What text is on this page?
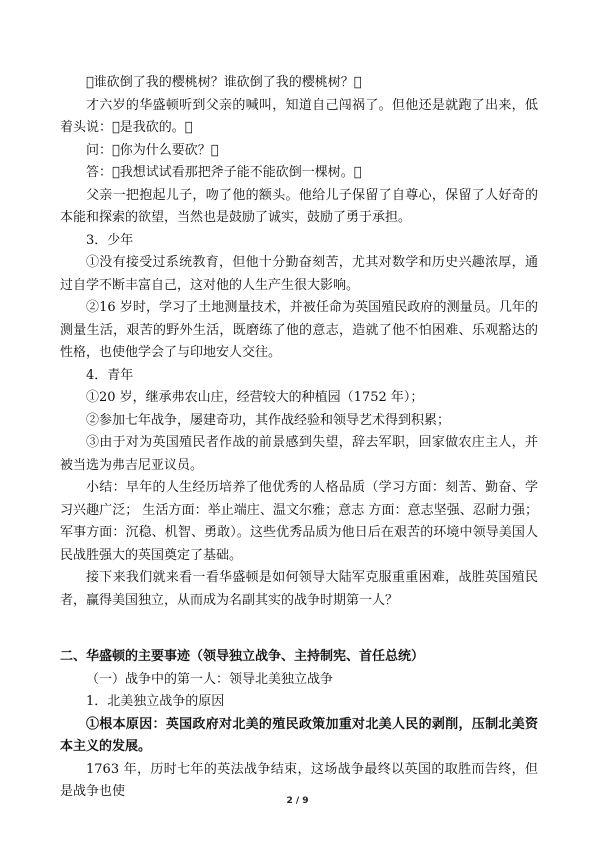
谁砍倒了我的樱桃树？谁砍倒了我的樱桃树？

才六岁的华盛顿听到父亲的喊叫，知道自己闯祸了。但他还是就跑了出来，低着头说： 是我砍的。

问： 你为什么要砍？

答： 我想试试看那把斧子能不能砍倒一棵树。

父亲一把抱起儿子，吻了他的额头。他给儿子保留了自尊心，保留了人好奇的本能和探索的欲望，当然也是鼓励了诚实，鼓励了勇于承担。

3．少年

①没有接受过系统教育，但他十分勤奋刻苦，尤其对数学和历史兴趣浓厚，通过自学不断丰富自己，这对他的人生产生很大影响。

②16 岁时，学习了土地测量技术，并被任命为英国殖民政府的测量员。几年的测量生活，艰苦的野外生活，既磨练了他的意志，造就了他不怕困难、乐观豁达的性格，也使他学会了与印地安人交往。

4．青年

①20 岁，继承弗农山庄，经营较大的种植园（1752 年）；

②参加七年战争，屡建奇功，其作战经验和领导艺术得到积累；

③由于对为英国殖民者作战的前景感到失望，辞去军职，回家做农庄主人，并被当选为弗吉尼亚议员。

小结：早年的人生经历培养了他优秀的人格品质（学习方面：刻苦、勤奋、学习兴趣广泛； 生活方面：举止端庄、温文尔雅；意志 方面：意志坚强、忍耐力强；军事方面：沉稳、机智、勇敢）。这些优秀品质为他日后在艰苦的环境中领导美国人民战胜强大的英国奠定了基础。

接下来我们就来看一看华盛顿是如何领导大陆军克服重重困难，战胜英国殖民者，赢得美国独立，从而成为名副其实的战争时期第一人？

二、华盛顿的主要事迹（领导独立战争、主持制宪、首任总统）

（一）战争中的第一人：领导北美独立战争

1．北美独立战争的原因

①根本原因：英国政府对北美的殖民政策加重对北美人民的剥削，压制北美资本主义的发展。

1763 年，历时七年的英法战争结束，这场战争最终以英国的取胜而告终，但是战争也使

2 / 9
